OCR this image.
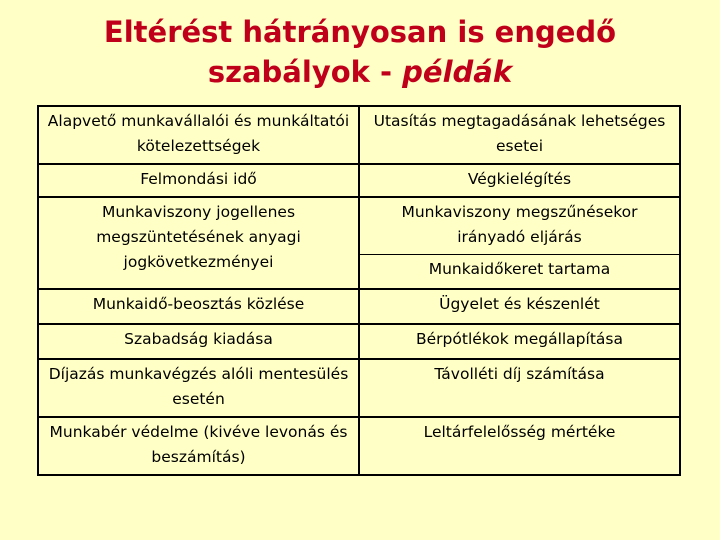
Eltérést hátrányosan is engedő
szabályok - példák
Alapvető munkavállalói és munkáltatói kötelezettségek	Utasítás megtagadásának lehetséges esetei
Felmondási idő	Végkielégítés
Munkaviszony jogellenes megszüntetésének anyagi jogkövetkezményei	Munkaviszony megszűnésekor irányadó eljárás
Munkaidőkeret tartama

Munkaidő-beosztás közlése	Ügyelet és készenlét
Szabadság kiadása	Bérpótlékok megállapítása
Díjazás munkavégzés alóli mentesülés esetén	Távolléti díj számítása
Munkabér védelme (kivéve levonás és beszámítás)	Leltárfelelősség mértéke
